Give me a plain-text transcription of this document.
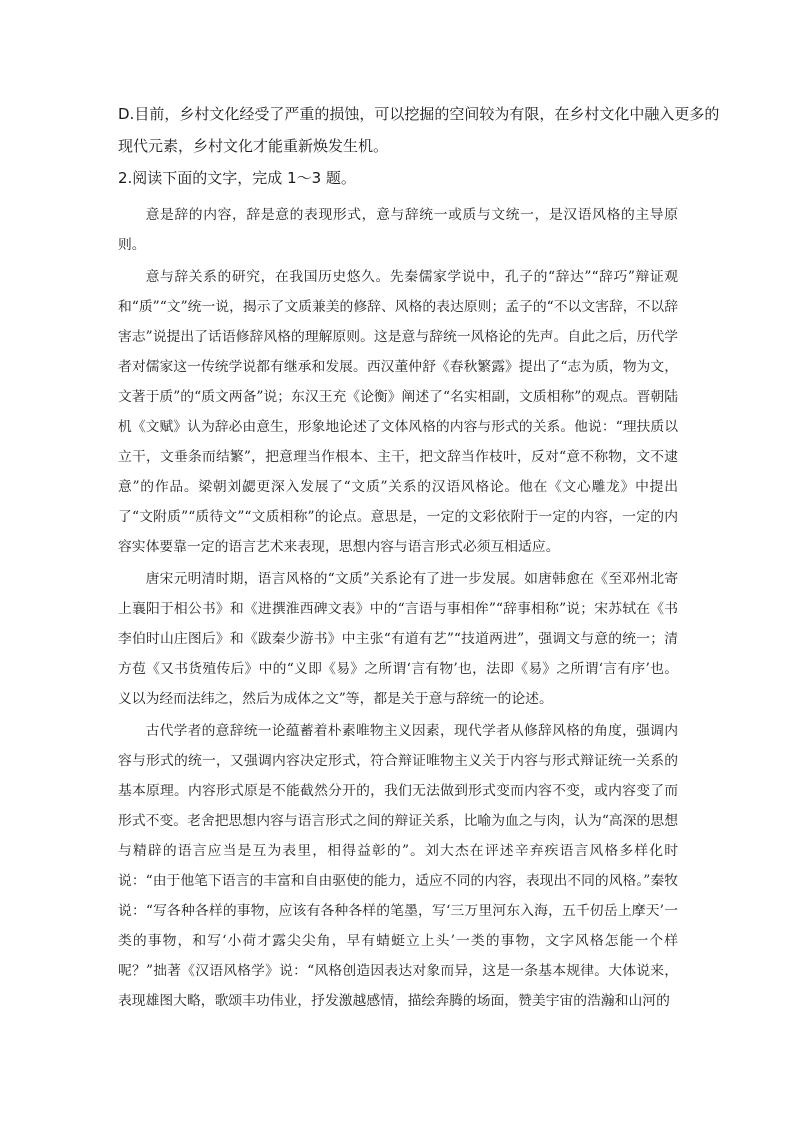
D.目前，乡村文化经受了严重的损蚀，可以挖掘的空间较为有限，在乡村文化中融入更多的

现代元素，乡村文化才能重新焕发生机。

2.阅读下面的文字，完成 1～3 题。

意是辞的内容，辞是意的表现形式，意与辞统一或质与文统一，是汉语风格的主导原则。

意与辞关系的研究，在我国历史悠久。先秦儒家学说中，孔子的“辞达”“辞巧”辩证观和“质”“文”统一说，揭示了文质兼美的修辞、风格的表达原则；孟子的“不以文害辞，不以辞害志”说提出了话语修辞风格的理解原则。这是意与辞统一风格论的先声。自此之后，历代学者对儒家这一传统学说都有继承和发展。西汉董仲舒《春秋繁露》提出了“志为质，物为文，文著于质”的“质文两备”说；东汉王充《论衡》阐述了“名实相副，文质相称”的观点。晋朝陆机《文赋》认为辞必由意生，形象地论述了文体风格的内容与形式的关系。他说：“理扶质以立干，文垂条而结繁”，把意理当作根本、主干，把文辞当作枝叶，反对“意不称物，文不逮意”的作品。梁朝刘勰更深入发展了“文质”关系的汉语风格论。他在《文心雕龙》中提出了“文附质”“质待文”“文质相称”的论点。意思是，一定的文彩依附于一定的内容，一定的内容实体要靠一定的语言艺术来表现，思想内容与语言形式必须互相适应。

唐宋元明清时期，语言风格的“文质”关系论有了进一步发展。如唐韩愈在《至邓州北寄上襄阳于相公书》和《进撰淮西碑文表》中的“言语与事相侔”“辞事相称”说；宋苏轼在《书李伯时山庄图后》和《跋秦少游书》中主张“有道有艺”“技道两进”，强调文与意的统一；清方苞《又书货殖传后》中的“义即《易》之所谓‘言有物’也，法即《易》之所谓‘言有序’也。义以为经而法纬之，然后为成体之文”等，都是关于意与辞统一的论述。

古代学者的意辞统一论蕴蓄着朴素唯物主义因素，现代学者从修辞风格的角度，强调内容与形式的统一，又强调内容决定形式，符合辩证唯物主义关于内容与形式辩证统一关系的基本原理。内容形式原是不能截然分开的，我们无法做到形式变而内容不变，或内容变了而形式不变。老舍把思想内容与语言形式之间的辩证关系，比喻为血之与肉，认为“高深的思想与精辟的语言应当是互为表里，相得益彰的”。刘大杰在评述辛弃疾语言风格多样化时说：“由于他笔下语言的丰富和自由驱使的能力，适应不同的内容，表现出不同的风格。”秦牧说：“写各种各样的事物，应该有各种各样的笔墨，写‘三万里河东入海，五千仞岳上摩天’一类的事物，和写‘小荷才露尖尖角，早有蜻蜓立上头’一类的事物，文字风格怎能一个样呢？”拙著《汉语风格学》说：“风格创造因表达对象而异，这是一条基本规律。大体说来，表现雄图大略，歌颂丰功伟业，抒发激越感情，描绘奔腾的场面，赞美宇宙的浩瀚和山河的
